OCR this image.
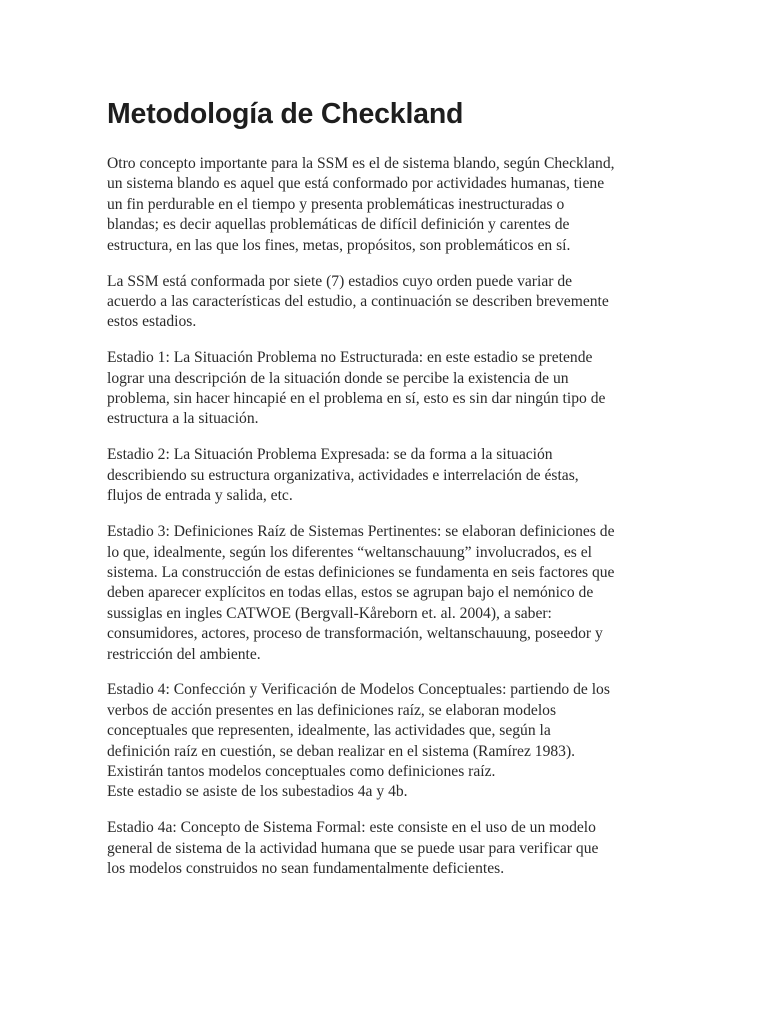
Metodología de Checkland

Otro concepto importante para la SSM es el de sistema blando, según Checkland,
un sistema blando es aquel que está conformado por actividades humanas, tiene
un fin perdurable en el tiempo y presenta problemáticas inestructuradas o
blandas; es decir aquellas problemáticas de difícil definición y carentes de
estructura, en las que los fines, metas, propósitos, son problemáticos en sí.

La SSM está conformada por siete (7) estadios cuyo orden puede variar de
acuerdo a las características del estudio, a continuación se describen brevemente
estos estadios.

Estadio 1: La Situación Problema no Estructurada: en este estadio se pretende
lograr una descripción de la situación donde se percibe la existencia de un
problema, sin hacer hincapié en el problema en sí, esto es sin dar ningún tipo de
estructura a la situación.

Estadio 2: La Situación Problema Expresada: se da forma a la situación
describiendo su estructura organizativa, actividades e interrelación de éstas,
flujos de entrada y salida, etc.

Estadio 3: Definiciones Raíz de Sistemas Pertinentes: se elaboran definiciones de
lo que, idealmente, según los diferentes “weltanschauung” involucrados, es el
sistema. La construcción de estas definiciones se fundamenta en seis factores que
deben aparecer explícitos en todas ellas, estos se agrupan bajo el nemónico de
sussiglas en ingles CATWOE (Bergvall-Kåreborn et. al. 2004), a saber:
consumidores, actores, proceso de transformación, weltanschauung, poseedor y
restricción del ambiente.

Estadio 4: Confección y Verificación de Modelos Conceptuales: partiendo de los
verbos de acción presentes en las definiciones raíz, se elaboran modelos
conceptuales que representen, idealmente, las actividades que, según la
definición raíz en cuestión, se deban realizar en el sistema (Ramírez 1983).
Existirán tantos modelos conceptuales como definiciones raíz.
Este estadio se asiste de los subestadios 4a y 4b.

Estadio 4a: Concepto de Sistema Formal: este consiste en el uso de un modelo
general de sistema de la actividad humana que se puede usar para verificar que
los modelos construidos no sean fundamentalmente deficientes.
